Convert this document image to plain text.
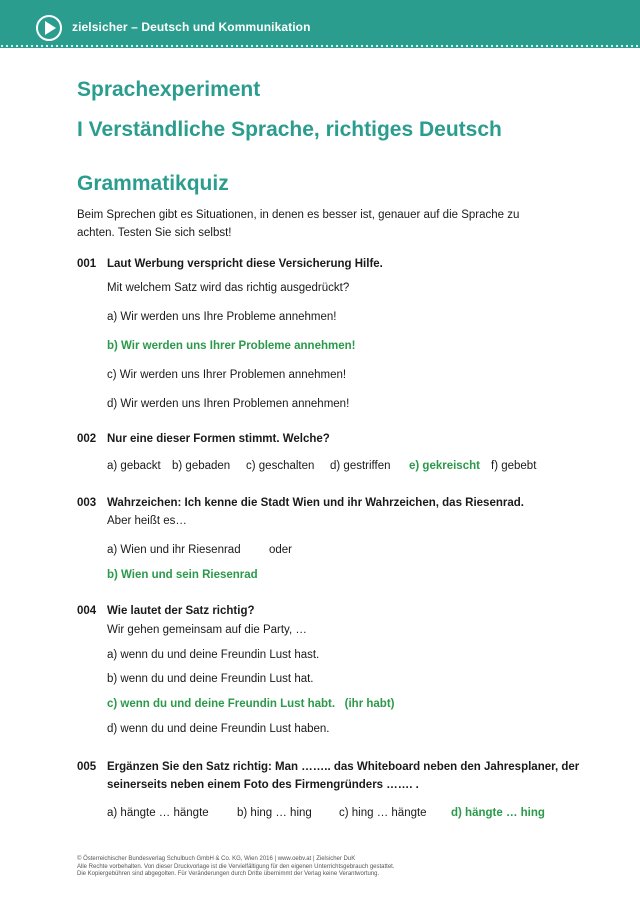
zielsicher – Deutsch und Kommunikation
Sprachexperiment
I Verständliche Sprache, richtiges Deutsch
Grammatikquiz
Beim Sprechen gibt es Situationen, in denen es besser ist, genauer auf die Sprache zu
achten. Testen Sie sich selbst!
001 Laut Werbung verspricht diese Versicherung Hilfe.
Mit welchem Satz wird das richtig ausgedrückt?
a) Wir werden uns Ihre Probleme annehmen!
b) Wir werden uns Ihrer Probleme annehmen!
c) Wir werden uns Ihrer Problemen annehmen!
d) Wir werden uns Ihren Problemen annehmen!
002 Nur eine dieser Formen stimmt. Welche?
a) gebackt b) gebaden c) geschalten d) gestriffen e) gekreischt f) gebebt
003 Wahrzeichen: Ich kenne die Stadt Wien und ihr Wahrzeichen, das Riesenrad.
Aber heißt es…
a) Wien und ihr Riesenrad oder
b) Wien und sein Riesenrad
004 Wie lautet der Satz richtig?
Wir gehen gemeinsam auf die Party, …
a) wenn du und deine Freundin Lust hast.
b) wenn du und deine Freundin Lust hat.
c) wenn du und deine Freundin Lust habt.   (ihr habt)
d) wenn du und deine Freundin Lust haben.
005 Ergänzen Sie den Satz richtig: Man …….. das Whiteboard neben den Jahresplaner, der
seinerseits neben einem Foto des Firmengründers ……. .
a) hängte … hängte b) hing … hing c) hing … hängte d) hängte … hing
© Österreichischer Bundesverlag Schulbuch GmbH & Co. KG, Wien 2016 | www.oebv.at | Zielsicher DuK
Alle Rechte vorbehalten. Von dieser Druckvorlage ist die Vervielfältigung für den eigenen Unterrichtsgebrauch gestattet.
Die Kopiergebühren sind abgegolten. Für Veränderungen durch Dritte übernimmt der Verlag keine Verantwortung.
